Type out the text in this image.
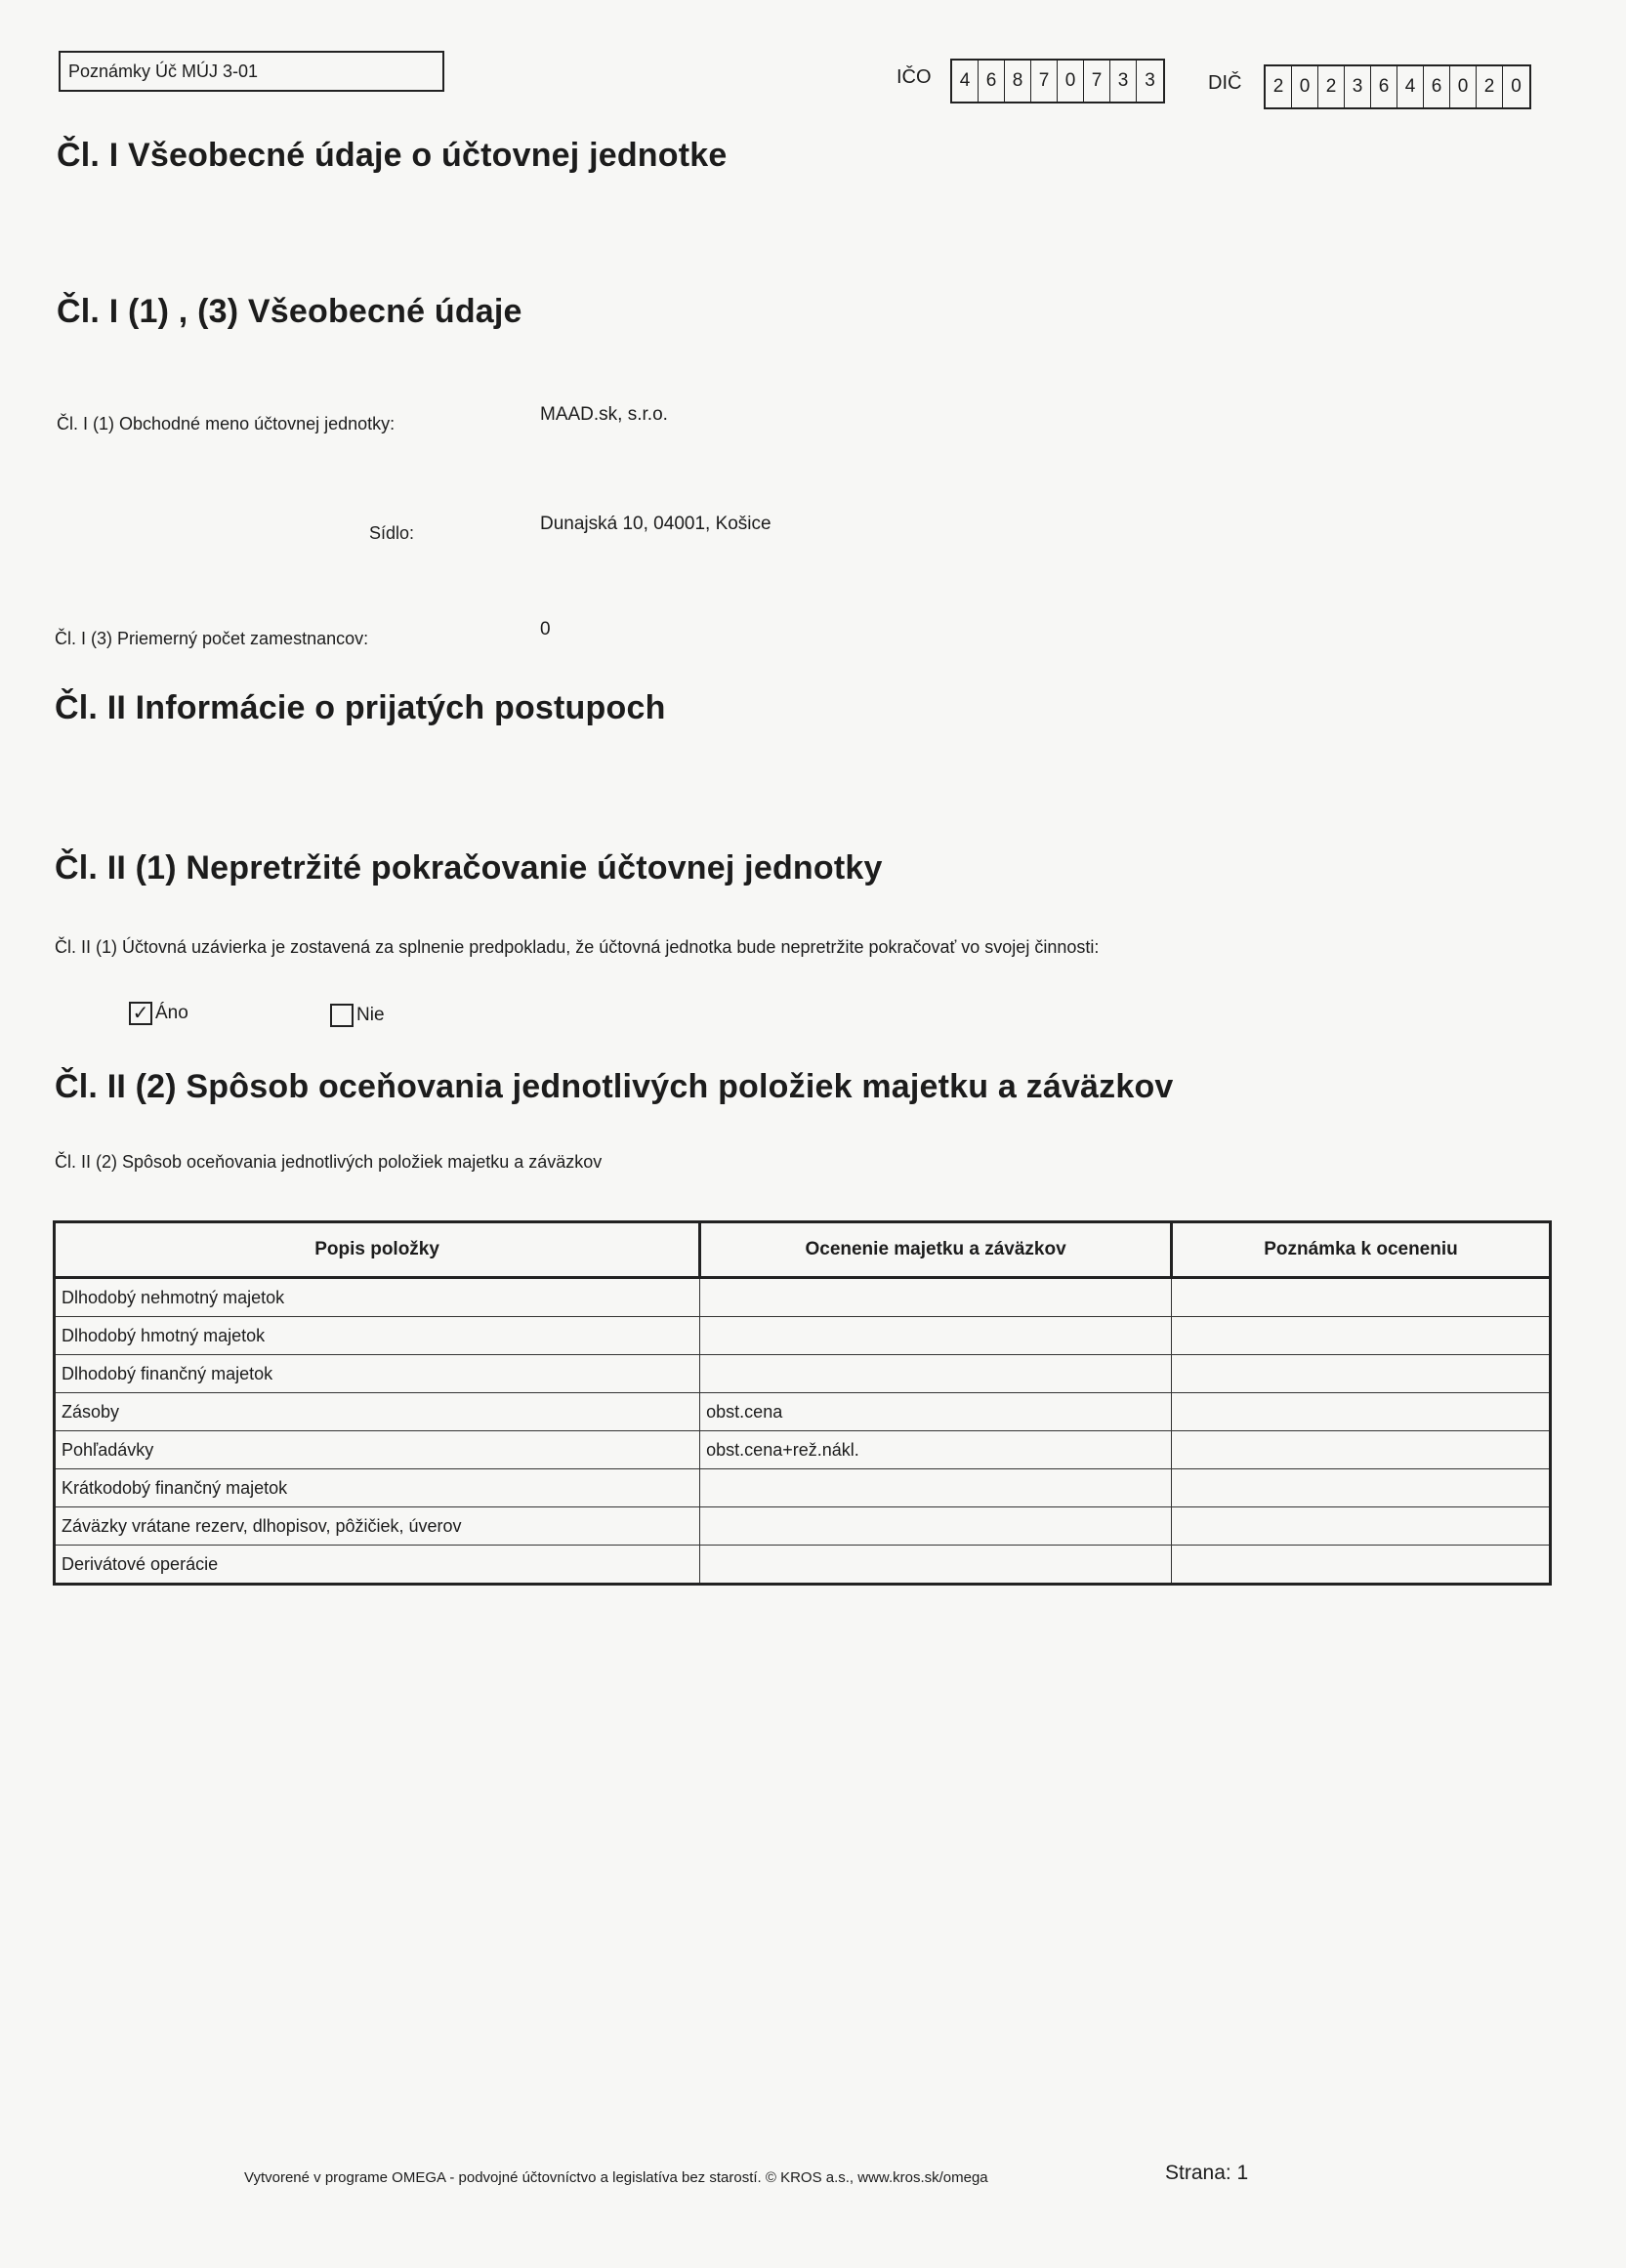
Poznámky Úč MÚJ 3-01	IČO	4 6 8 7 0 7 3 3	DIČ	2 0 2 3 6 4 6 0 2 0
Čl. I Všeobecné údaje o účtovnej jednotke
Čl. I (1) , (3) Všeobecné údaje
Čl. I (1) Obchodné meno účtovnej jednotky:	MAAD.sk, s.r.o.
Sídlo:	Dunajská 10, 04001, Košice
Čl. I (3) Priemerný počet zamestnancov:	0
Čl. II Informácie o prijatých postupoch
Čl. II (1) Nepretržité pokračovanie účtovnej jednotky
Čl. II (1) Účtovná uzávierka je zostavená za splnenie predpokladu, že účtovná jednotka bude nepretržite pokračovať vo svojej činnosti:
✓ Áno	Nie
Čl. II (2) Spôsob oceňovania jednotlivých položiek majetku a záväzkov
Čl. II (2) Spôsob oceňovania jednotlivých položiek majetku a záväzkov
Popis položky	Ocenenie majetku a záväzkov	Poznámka k oceneniu
Dlhodobý nehmotný majetok		
Dlhodobý hmotný majetok		
Dlhodobý finančný majetok		
Zásoby	obst.cena	
Pohľadávky	obst.cena+rež.nákl.	
Krátkodobý finančný majetok		
Záväzky vrátane rezerv, dlhopisov, pôžičiek, úverov		
Derivátové operácie		
Vytvorené v programe OMEGA - podvojné účtovníctvo a legislatíva bez starostí. © KROS a.s., www.kros.sk/omega	Strana: 1
